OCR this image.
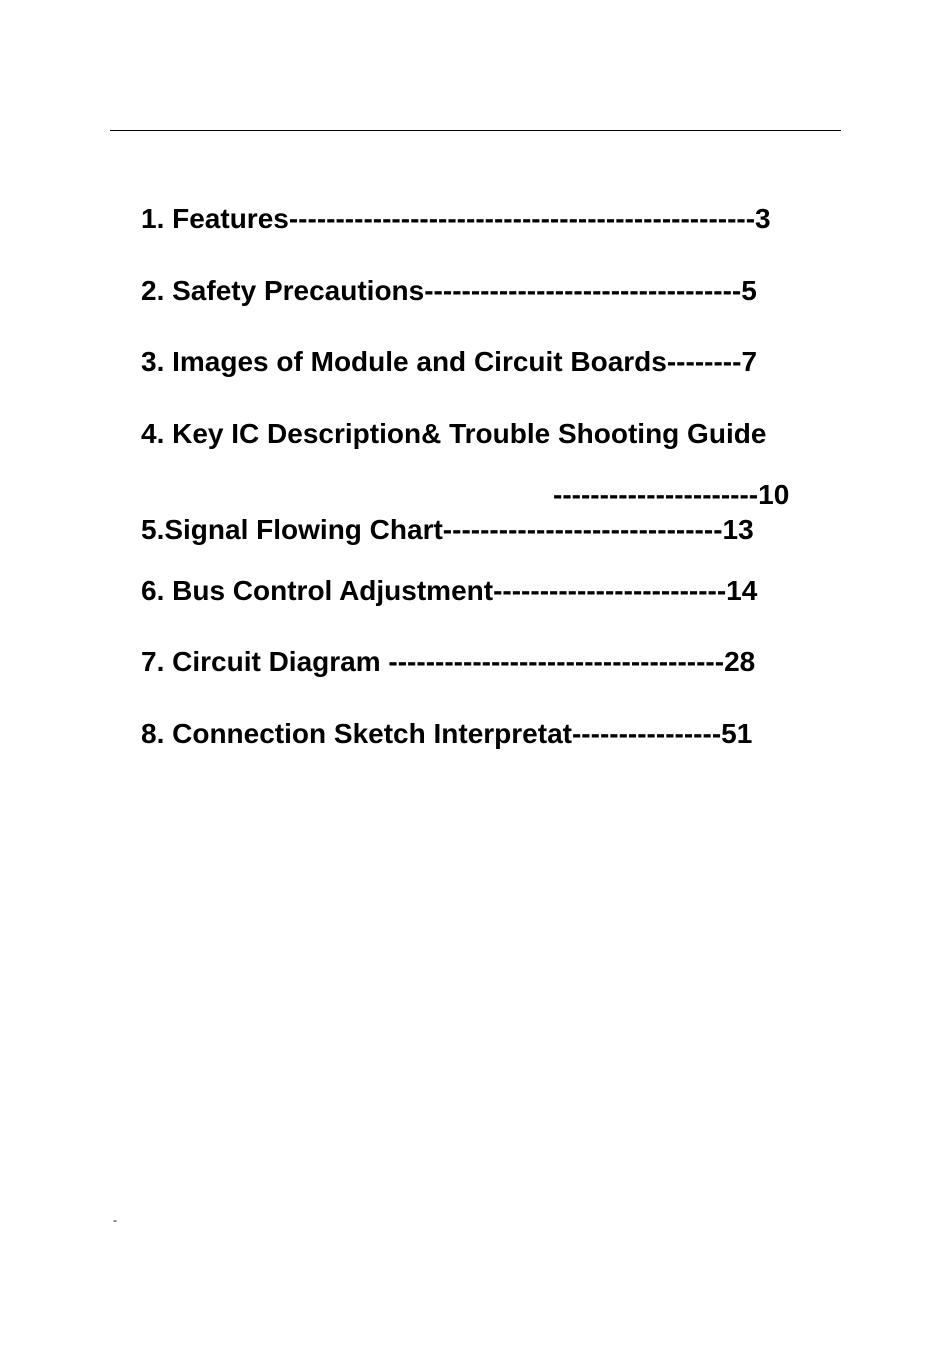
1. Features--------------------------------------------------3

2. Safety Precautions----------------------------------5

3. Images of Module and Circuit Boards--------7

4. Key IC Description& Trouble Shooting Guide

----------------------10

5.Signal Flowing Chart------------------------------13

6. Bus Control Adjustment-------------------------14

7. Circuit Diagram ------------------------------------28

8. Connection Sketch Interpretat----------------51

-
